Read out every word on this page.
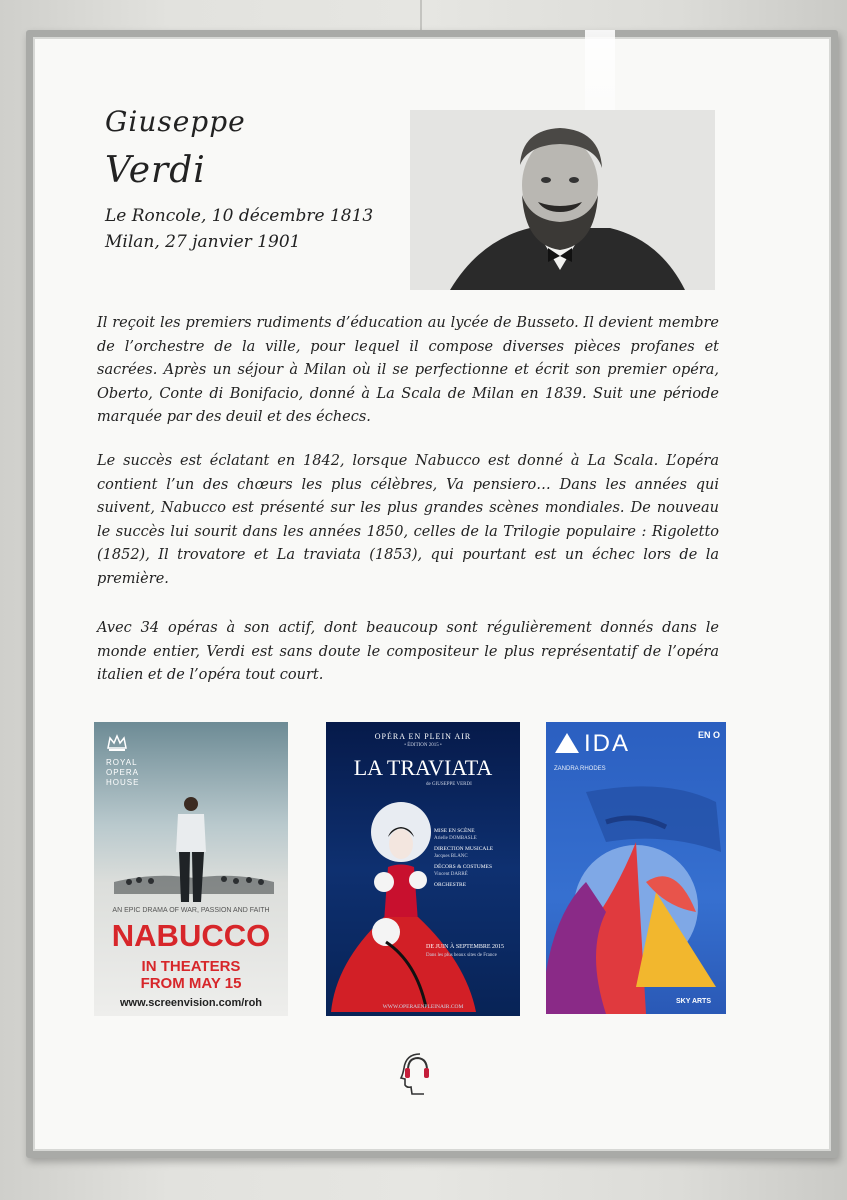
Giuseppe
Verdi
Le Roncole, 10 décembre 1813
Milan, 27 janvier 1901
Il reçoit les premiers rudiments d’éducation au lycée de Busseto. Il devient membre de l’orchestre de la ville, pour lequel il compose diverses pièces profanes et sacrées. Après un séjour à Milan où il se perfectionne et écrit son premier opéra, Oberto, Conte di Bonifacio, donné à La Scala de Milan en 1839. Suit une période marquée par des deuil et des échecs.
Le succès est éclatant en 1842, lorsque Nabucco est donné à La Scala. L’opéra contient l’un des chœurs les plus célèbres, Va pensiero… Dans les années qui suivent, Nabucco est présenté sur les plus grandes scènes mondiales. De nouveau le succès lui sourit dans les années 1850, celles de la Trilogie populaire : Rigoletto (1852), Il trovatore et La traviata (1853), qui pourtant est un échec lors de la première.
Avec 34 opéras à son actif, dont beaucoup sont régulièrement donnés dans le monde entier, Verdi est sans doute le compositeur le plus représentatif de l’opéra italien et de l’opéra tout court.
ROYAL
OPERA
HOUSE
AN EPIC DRAMA OF WAR, PASSION AND FAITH
NABUCCO
IN THEATERS
FROM MAY 15
www.screenvision.com/roh
OPÉRA EN PLEIN AIR
• ÉDITION 2015 •
LA TRAVIATA
de GIUSEPPE VERDI
MISE EN SCÈNE
Arielle DOMBASLE
DIRECTION MUSICALE
Jacques BLANC
DÉCORS & COSTUMES
Vincent DARRÉ
ORCHESTRE
DE JUIN À SEPTEMBRE 2015
Dans les plus beaux sites de France
WWW.OPERAENPLEINAIR.COM
IDA	EN O
ZANDRA RHODES
SKY ARTS
